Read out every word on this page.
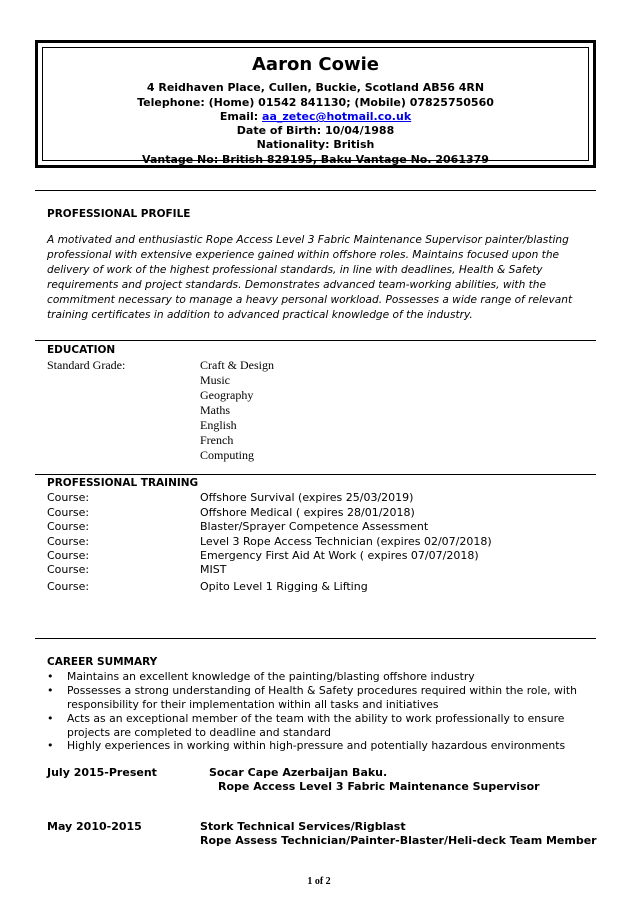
Aaron Cowie
4 Reidhaven Place, Cullen, Buckie, Scotland AB56 4RN
Telephone: (Home) 01542 841130; (Mobile) 07825750560
Email: aa_zetec@hotmail.co.uk
Date of Birth: 10/04/1988
Nationality: British
Vantage No: British 829195, Baku Vantage No. 2061379
PROFESSIONAL PROFILE
A motivated and enthusiastic Rope Access Level 3 Fabric Maintenance Supervisor painter/blasting
professional with extensive experience gained within offshore roles. Maintains focused upon the
delivery of work of the highest professional standards, in line with deadlines, Health & Safety
requirements and project standards. Demonstrates advanced team-working abilities, with the
commitment necessary to manage a heavy personal workload. Possesses a wide range of relevant
training certificates in addition to advanced practical knowledge of the industry.
EDUCATION
Standard Grade:	Craft & Design
Music
Geography
Maths
English
French
Computing
PROFESSIONAL TRAINING
Course:	Offshore Survival (expires 25/03/2019)
Course:	Offshore Medical ( expires 28/01/2018)
Course:	Blaster/Sprayer Competence Assessment
Course:	Level 3 Rope Access Technician (expires 02/07/2018)
Course:	Emergency First Aid At Work ( expires 07/07/2018)
Course:	MIST
Course:	Opito Level 1 Rigging & Lifting
CAREER SUMMARY
• Maintains an excellent knowledge of the painting/blasting offshore industry
• Possesses a strong understanding of Health & Safety procedures required within the role, with
responsibility for their implementation within all tasks and initiatives
• Acts as an exceptional member of the team with the ability to work professionally to ensure
projects are completed to deadline and standard
• Highly experiences in working within high-pressure and potentially hazardous environments
July 2015-Present	Socar Cape Azerbaijan Baku.
Rope Access Level 3 Fabric Maintenance Supervisor
May 2010-2015	Stork Technical Services/Rigblast
Rope Assess Technician/Painter-Blaster/Heli-deck Team Member
1 of 2
